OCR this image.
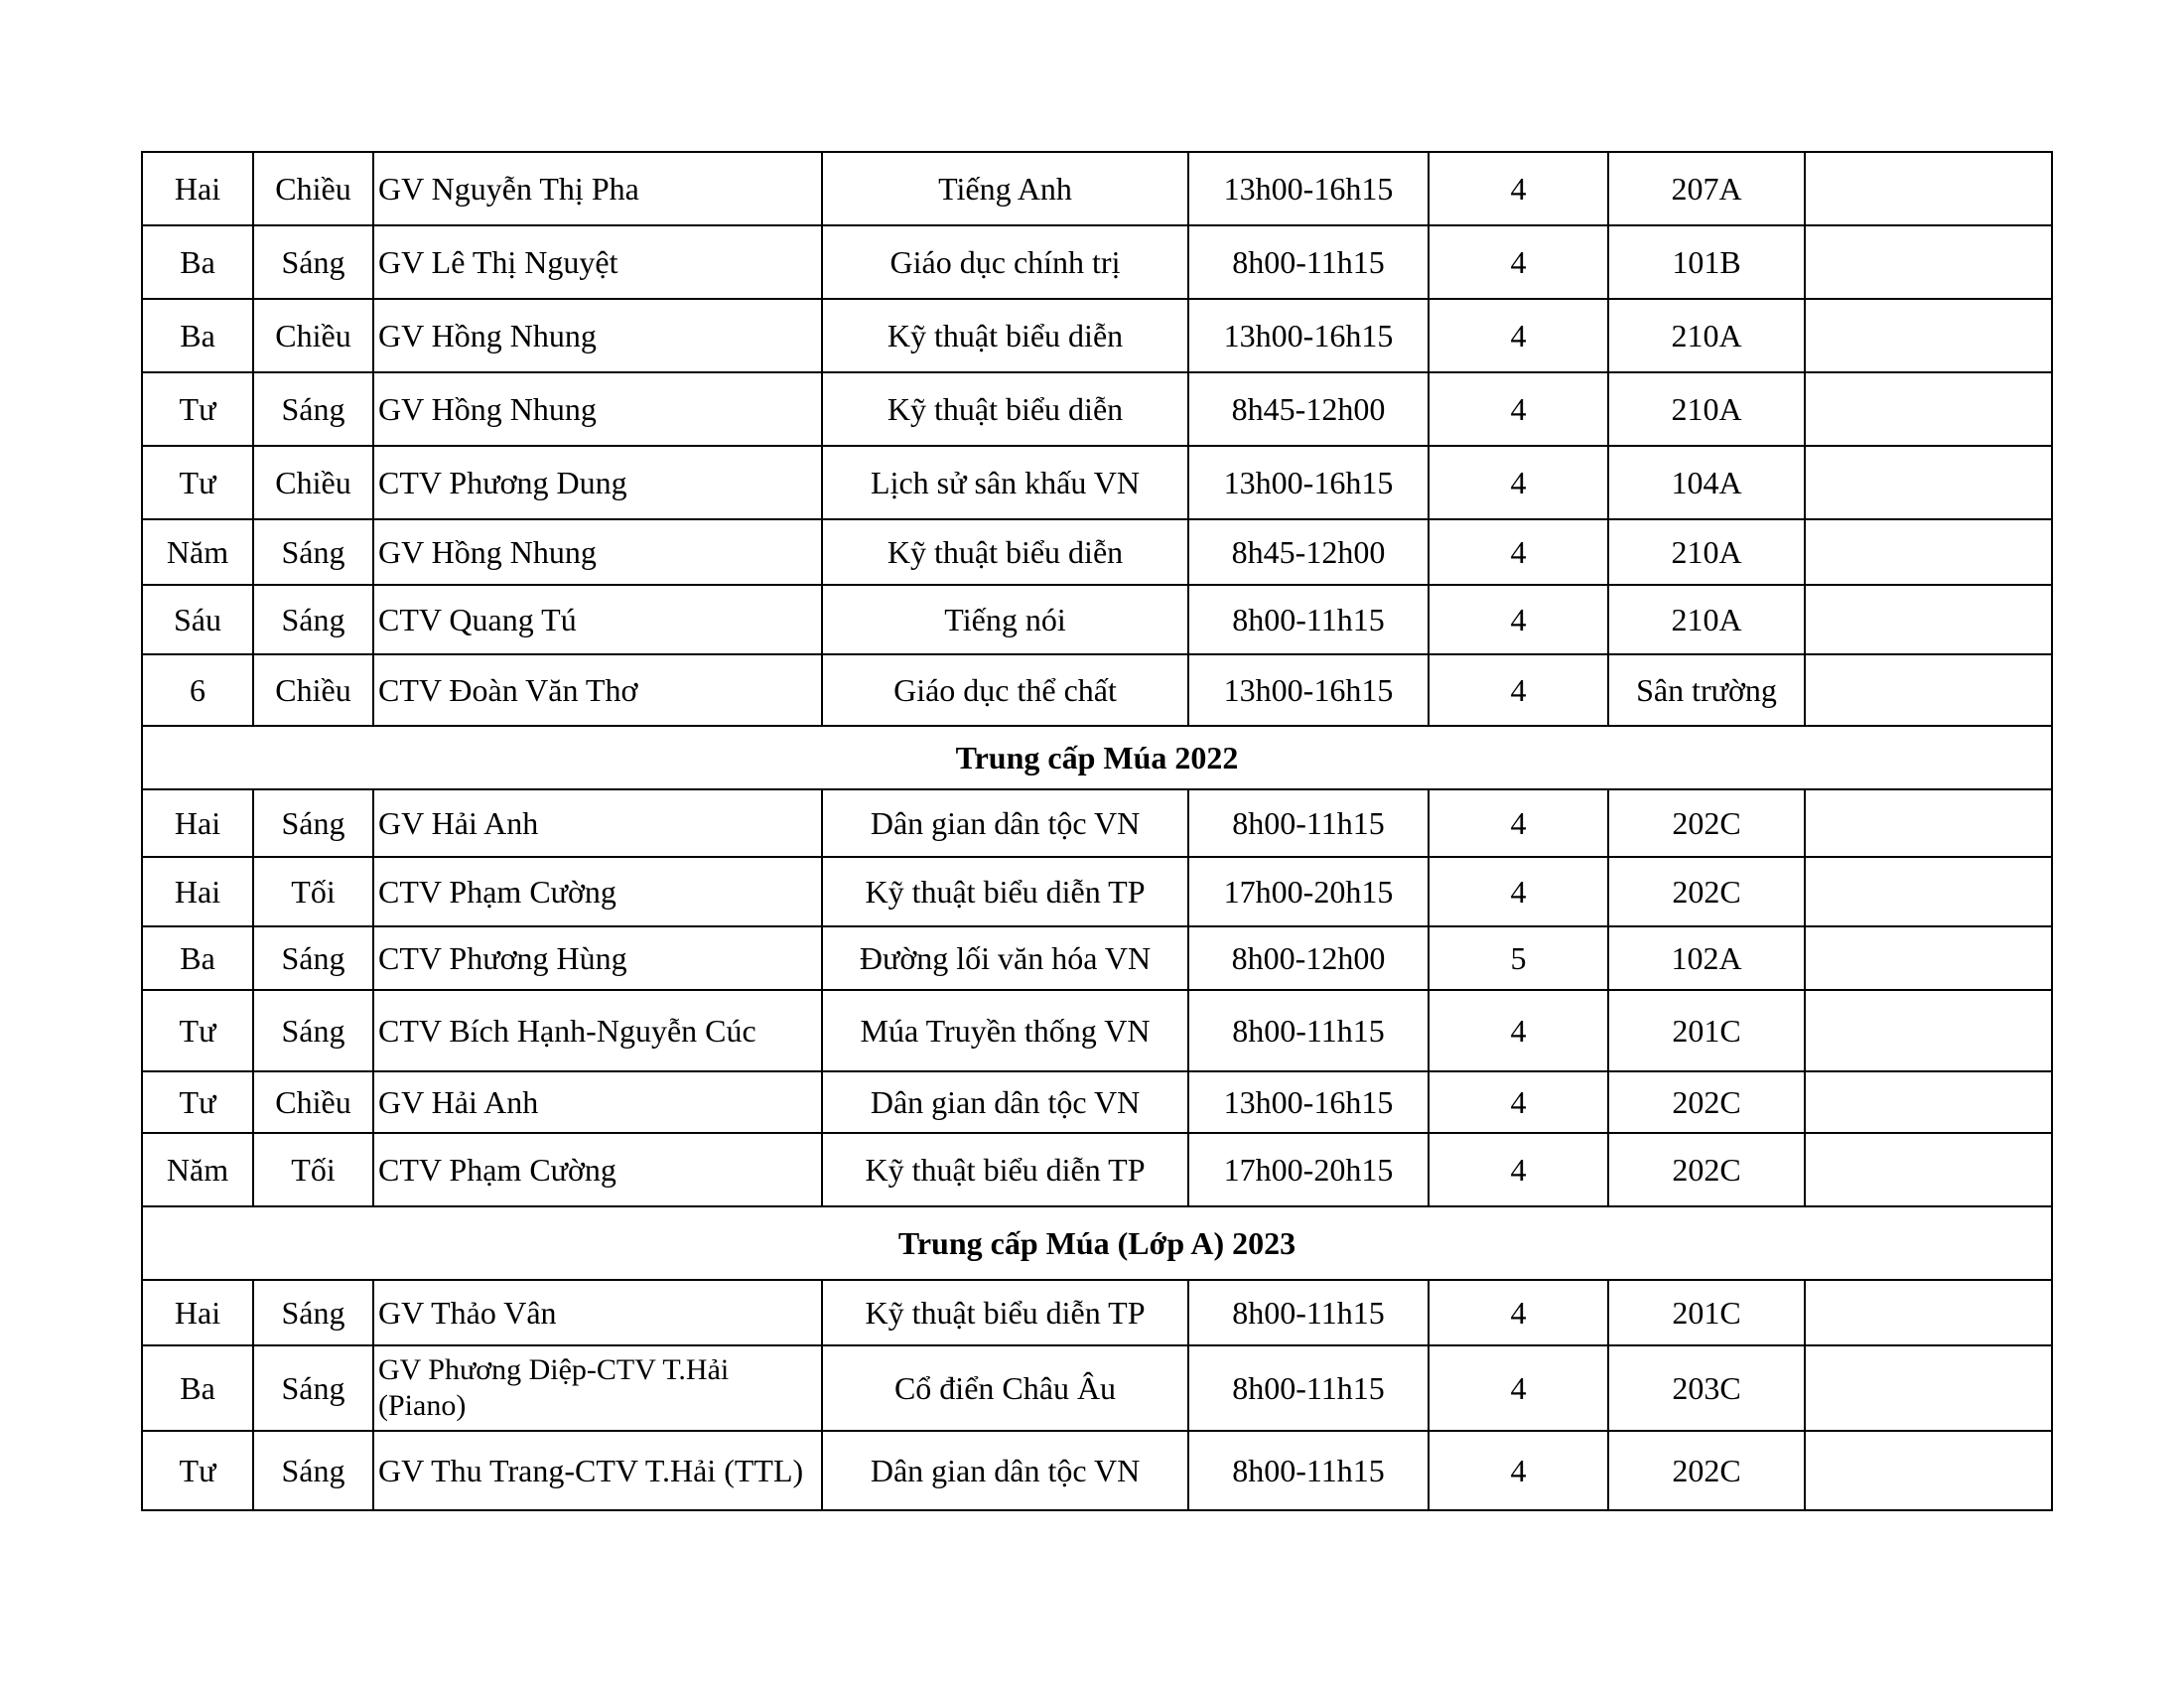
Hai	Chiều	GV Nguyễn Thị Pha	Tiếng Anh	13h00-16h15	4	207A	
Ba	Sáng	GV Lê Thị Nguyệt	Giáo dục chính trị	8h00-11h15	4	101B	
Ba	Chiều	GV Hồng Nhung	Kỹ thuật biểu diễn	13h00-16h15	4	210A	
Tư	Sáng	GV Hồng Nhung	Kỹ thuật biểu diễn	8h45-12h00	4	210A	
Tư	Chiều	CTV Phương Dung	Lịch sử sân khấu VN	13h00-16h15	4	104A	
Năm	Sáng	GV Hồng Nhung	Kỹ thuật biểu diễn	8h45-12h00	4	210A	
Sáu	Sáng	CTV Quang Tú	Tiếng nói	8h00-11h15	4	210A	
6	Chiều	CTV Đoàn Văn Thơ	Giáo dục thể chất	13h00-16h15	4	Sân trường	
Trung cấp Múa 2022							
Hai	Sáng	GV Hải Anh	Dân gian dân tộc VN	8h00-11h15	4	202C	
Hai	Tối	CTV Phạm Cường	Kỹ thuật biểu diễn TP	17h00-20h15	4	202C	
Ba	Sáng	CTV Phương Hùng	Đường lối văn hóa VN	8h00-12h00	5	102A	
Tư	Sáng	CTV Bích Hạnh-Nguyễn Cúc	Múa Truyền thống VN	8h00-11h15	4	201C	
Tư	Chiều	GV Hải Anh	Dân gian dân tộc VN	13h00-16h15	4	202C	
Năm	Tối	CTV Phạm Cường	Kỹ thuật biểu diễn TP	17h00-20h15	4	202C	
Trung cấp Múa (Lớp A) 2023							
Hai	Sáng	GV Thảo Vân	Kỹ thuật biểu diễn TP	8h00-11h15	4	201C	
Ba	Sáng	GV Phương Diệp-CTV T.Hải (Piano)	Cổ điển Châu Âu	8h00-11h15	4	203C	
Tư	Sáng	GV Thu Trang-CTV T.Hải (TTL)	Dân gian dân tộc VN	8h00-11h15	4	202C	
